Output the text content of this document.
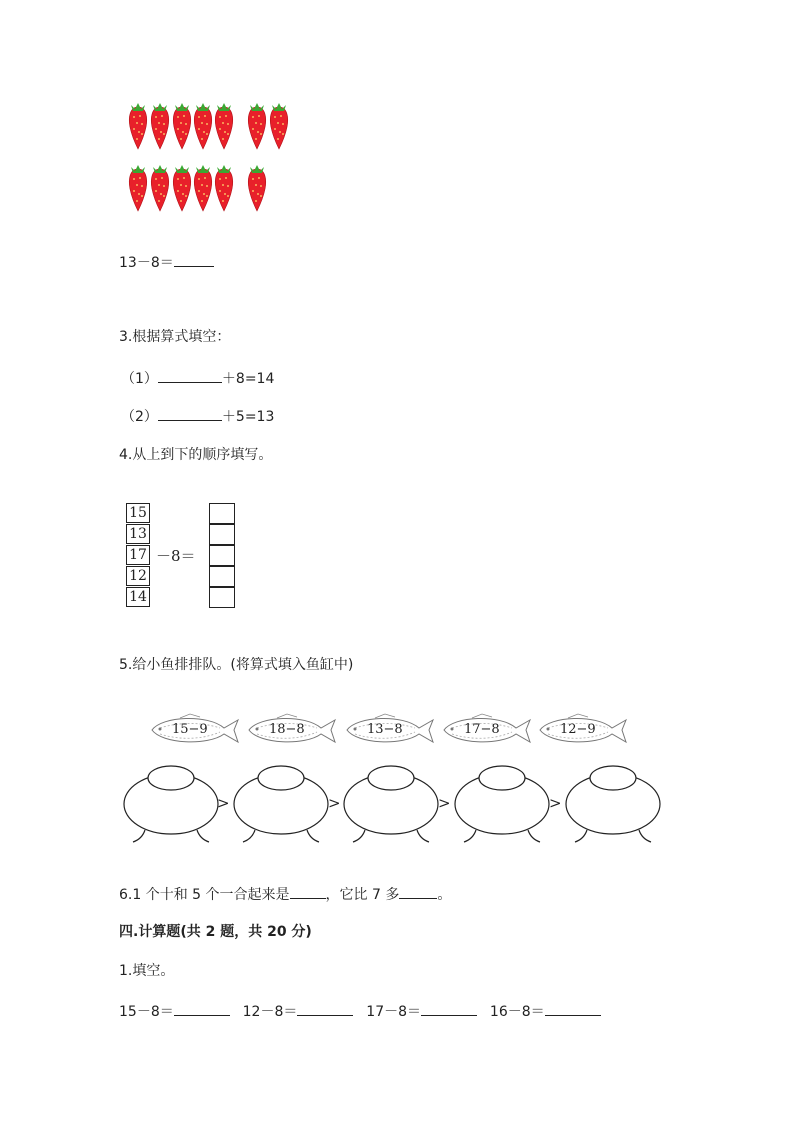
13－8＝
3.根据算式填空：
（1）	＋8=14
（2）	＋5=13
4.从上到下的顺序填写。
15
13
17
12
14
－8＝
5.给小鱼排排队。(将算式填入鱼缸中)
15−9	18−8	13−8	17−8	12−9
>	>	>	>
6.1 个十和 5 个一合起来是	，它比 7 多	。
四.计算题(共 2 题，共 20 分)
1.填空。
15－8＝	12－8＝	17－8＝	16－8＝
